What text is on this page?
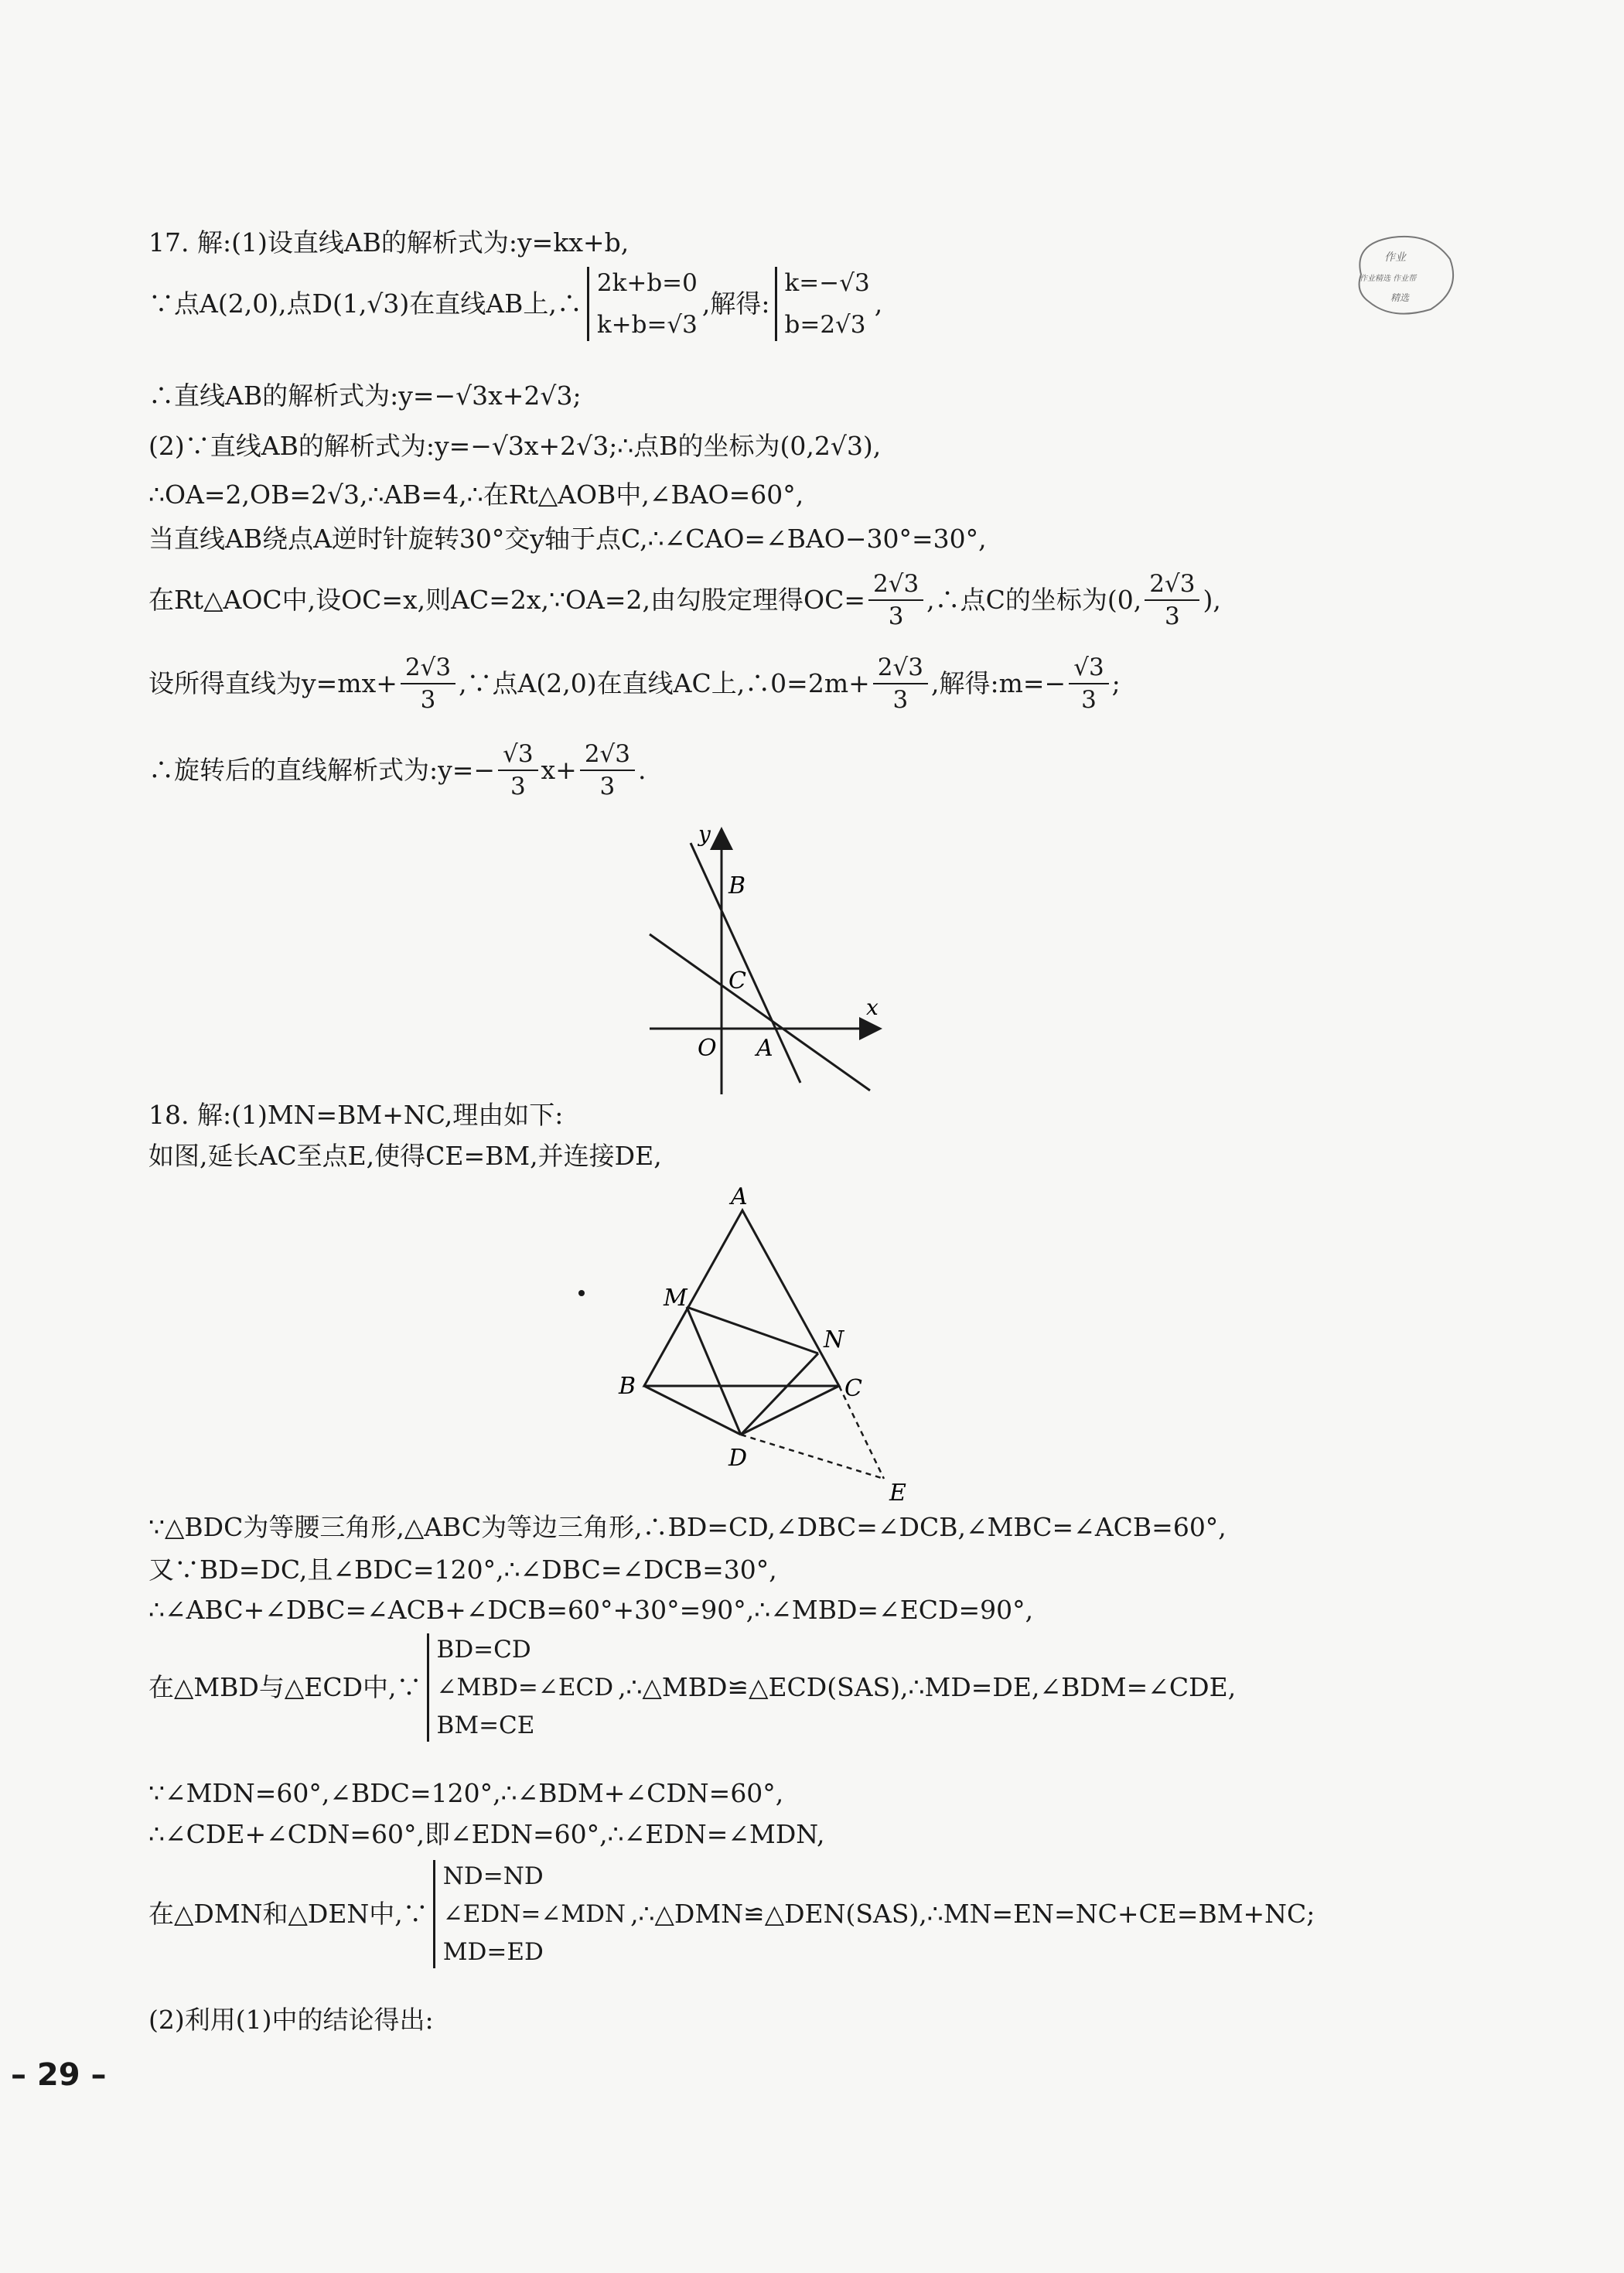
作业
作业精选 作业帮
精选
17. 解:(1)设直线AB的解析式为:y=kx+b,
∵点A(2,0),点D(1,√3)在直线AB上,∴
2k+b=0
k+b=√3
,解得:
k=−√3
b=2√3
,
∴直线AB的解析式为:y=−√3x+2√3;
(2)∵直线AB的解析式为:y=−√3x+2√3;∴点B的坐标为(0,2√3),
∴OA=2,OB=2√3,∴AB=4,∴在Rt△AOB中,∠BAO=60°,
当直线AB绕点A逆时针旋转30°交y轴于点C,∴∠CAO=∠BAO−30°=30°,
在Rt△AOC中,设OC=x,则AC=2x,∵OA=2,由勾股定理得$OC= \frac{2√3}{3}$ ,∴点C的坐标为(0, $\frac{2√3}{3}$ ),
设所得直线为$y=mx+ \frac{2√3}{3}$ ,∵点A(2,0)在直线AC上,∴0=2m+ $\frac{2√3}{3}$ ,解得:m=− $\frac{√3}{3}$ ;
∴旋转后的直线解析式为:y=− $\frac{√3}{3} x+ \frac{2√3}{3}$ .
y
x
B
C
O A
18. 解:(1)MN=BM+NC,理由如下:
如图,延长AC至点E,使得CE=BM,并连接DE,
A
M
N
B	C
D
E
∵△BDC为等腰三角形,△ABC为等边三角形,∴BD=CD,∠DBC=∠DCB,∠MBC=∠ACB=60°,
又∵BD=DC,且∠BDC=120°,∴∠DBC=∠DCB=30°,
∴∠ABC+∠DBC=∠ACB+∠DCB=60°+30°=90°,∴∠MBD=∠ECD=90°,
在△MBD与△ECD中,∵
BD=CD
∠MBD=∠ECD
BM=CE
,∴△MBD≌△ECD(SAS),∴MD=DE,∠BDM=∠CDE,
∵∠MDN=60°,∠BDC=120°,∴∠BDM+∠CDN=60°,
∴∠CDE+∠CDN=60°,即∠EDN=60°,∴∠EDN=∠MDN,
在△DMN和△DEN中,∵
ND=ND
∠EDN=∠MDN
MD=ED
,∴△DMN≌△DEN(SAS),∴MN=EN=NC+CE=BM+NC;
(2)利用(1)中的结论得出:
– 29 –
